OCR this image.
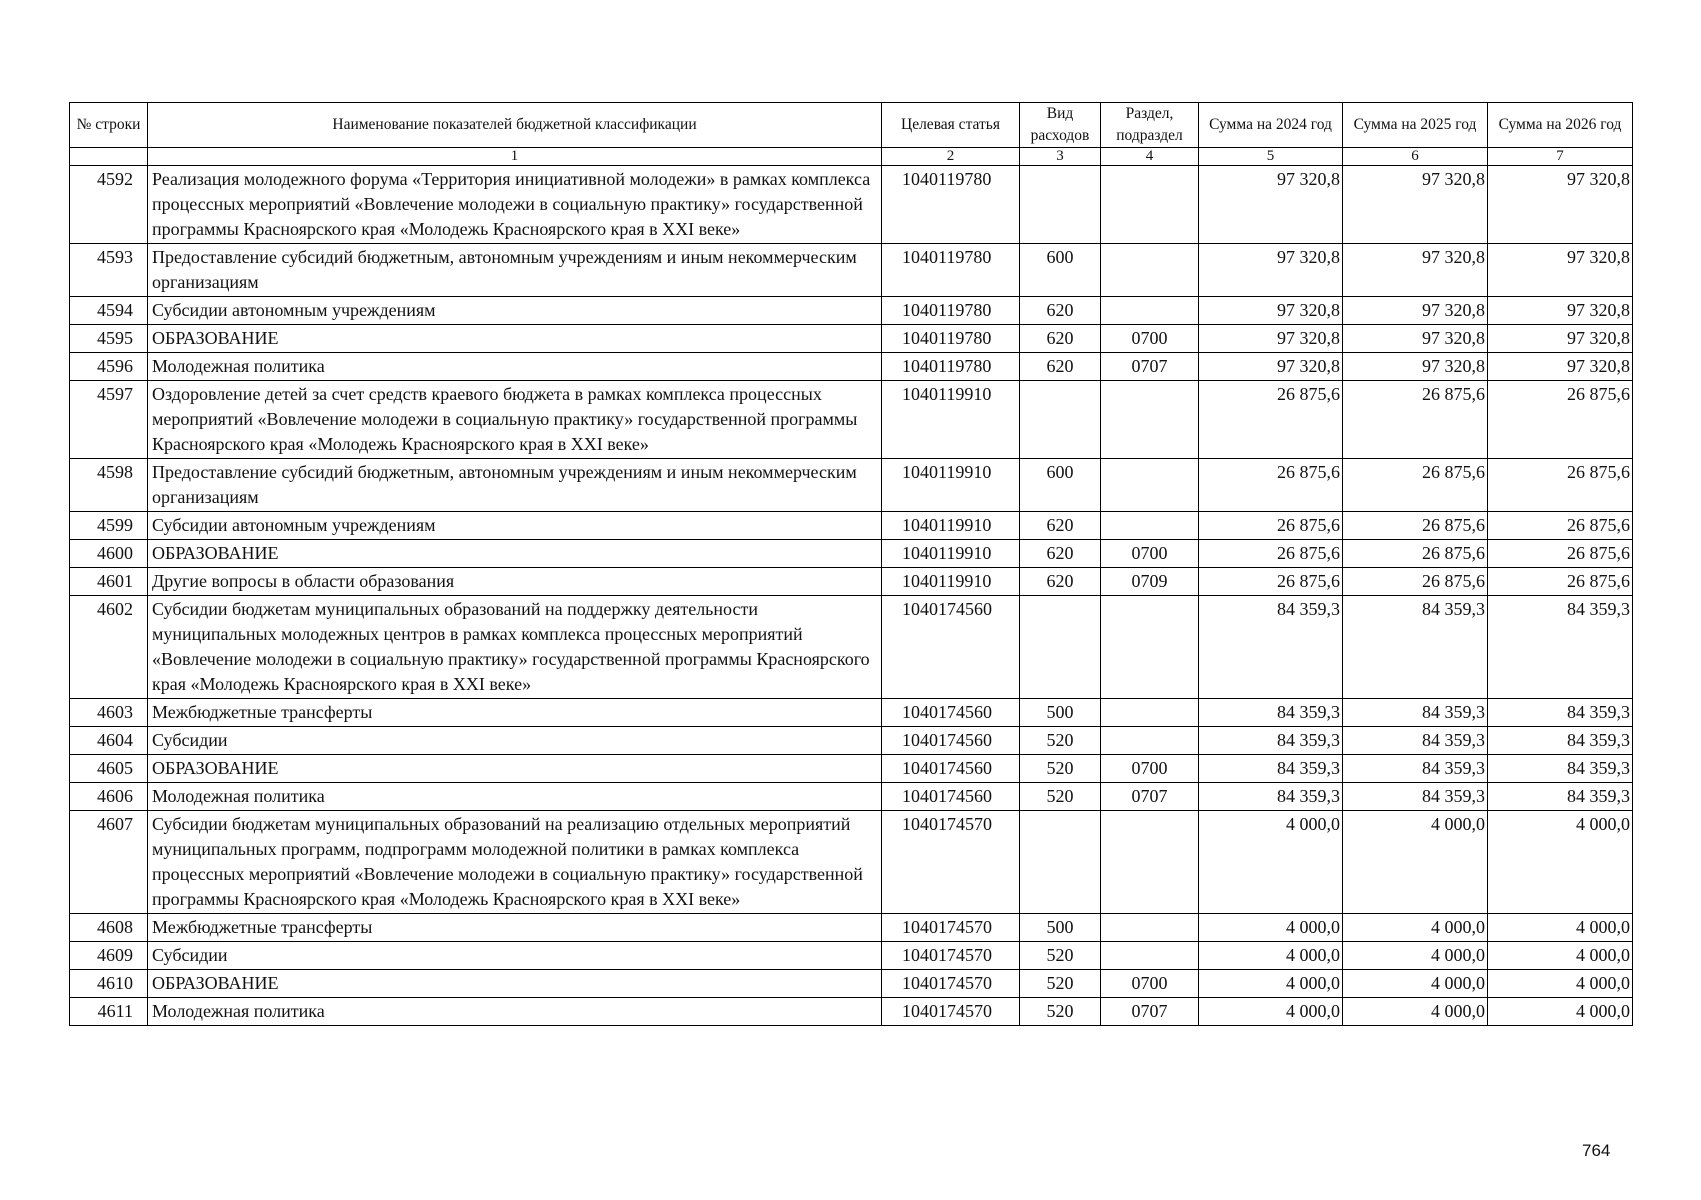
№ строки	Наименование показателей бюджетной классификации	Целевая статья	Вид расходов	Раздел, подраздел	Сумма на 2024 год	Сумма на 2025 год	Сумма на 2026 год
	1	2	3	4	5	6	7
4592	Реализация молодежного форума «Территория инициативной молодежи» в рамках комплекса процессных мероприятий «Вовлечение молодежи в социальную практику» государственной программы Красноярского края «Молодежь Красноярского края в XXI веке»	1040119780			97 320,8	97 320,8	97 320,8
4593	Предоставление субсидий бюджетным, автономным учреждениям и иным некоммерческим организациям	1040119780	600		97 320,8	97 320,8	97 320,8
4594	Субсидии автономным учреждениям	1040119780	620		97 320,8	97 320,8	97 320,8
4595	ОБРАЗОВАНИЕ	1040119780	620	0700	97 320,8	97 320,8	97 320,8
4596	Молодежная политика	1040119780	620	0707	97 320,8	97 320,8	97 320,8
4597	Оздоровление детей за счет средств краевого бюджета в рамках комплекса процессных мероприятий «Вовлечение молодежи в социальную практику» государственной программы Красноярского края «Молодежь Красноярского края в XXI веке»	1040119910			26 875,6	26 875,6	26 875,6
4598	Предоставление субсидий бюджетным, автономным учреждениям и иным некоммерческим организациям	1040119910	600		26 875,6	26 875,6	26 875,6
4599	Субсидии автономным учреждениям	1040119910	620		26 875,6	26 875,6	26 875,6
4600	ОБРАЗОВАНИЕ	1040119910	620	0700	26 875,6	26 875,6	26 875,6
4601	Другие вопросы в области образования	1040119910	620	0709	26 875,6	26 875,6	26 875,6
4602	Субсидии бюджетам муниципальных образований на поддержку деятельности муниципальных молодежных центров в рамках комплекса процессных мероприятий «Вовлечение молодежи в социальную практику» государственной программы Красноярского края «Молодежь Красноярского края в XXI веке»	1040174560			84 359,3	84 359,3	84 359,3
4603	Межбюджетные трансферты	1040174560	500		84 359,3	84 359,3	84 359,3
4604	Субсидии	1040174560	520		84 359,3	84 359,3	84 359,3
4605	ОБРАЗОВАНИЕ	1040174560	520	0700	84 359,3	84 359,3	84 359,3
4606	Молодежная политика	1040174560	520	0707	84 359,3	84 359,3	84 359,3
4607	Субсидии бюджетам муниципальных образований на реализацию отдельных мероприятий муниципальных программ, подпрограмм молодежной политики в рамках комплекса процессных мероприятий «Вовлечение молодежи в социальную практику» государственной программы Красноярского края «Молодежь Красноярского края в XXI веке»	1040174570			4 000,0	4 000,0	4 000,0
4608	Межбюджетные трансферты	1040174570	500		4 000,0	4 000,0	4 000,0
4609	Субсидии	1040174570	520		4 000,0	4 000,0	4 000,0
4610	ОБРАЗОВАНИЕ	1040174570	520	0700	4 000,0	4 000,0	4 000,0
4611	Молодежная политика	1040174570	520	0707	4 000,0	4 000,0	4 000,0
764
